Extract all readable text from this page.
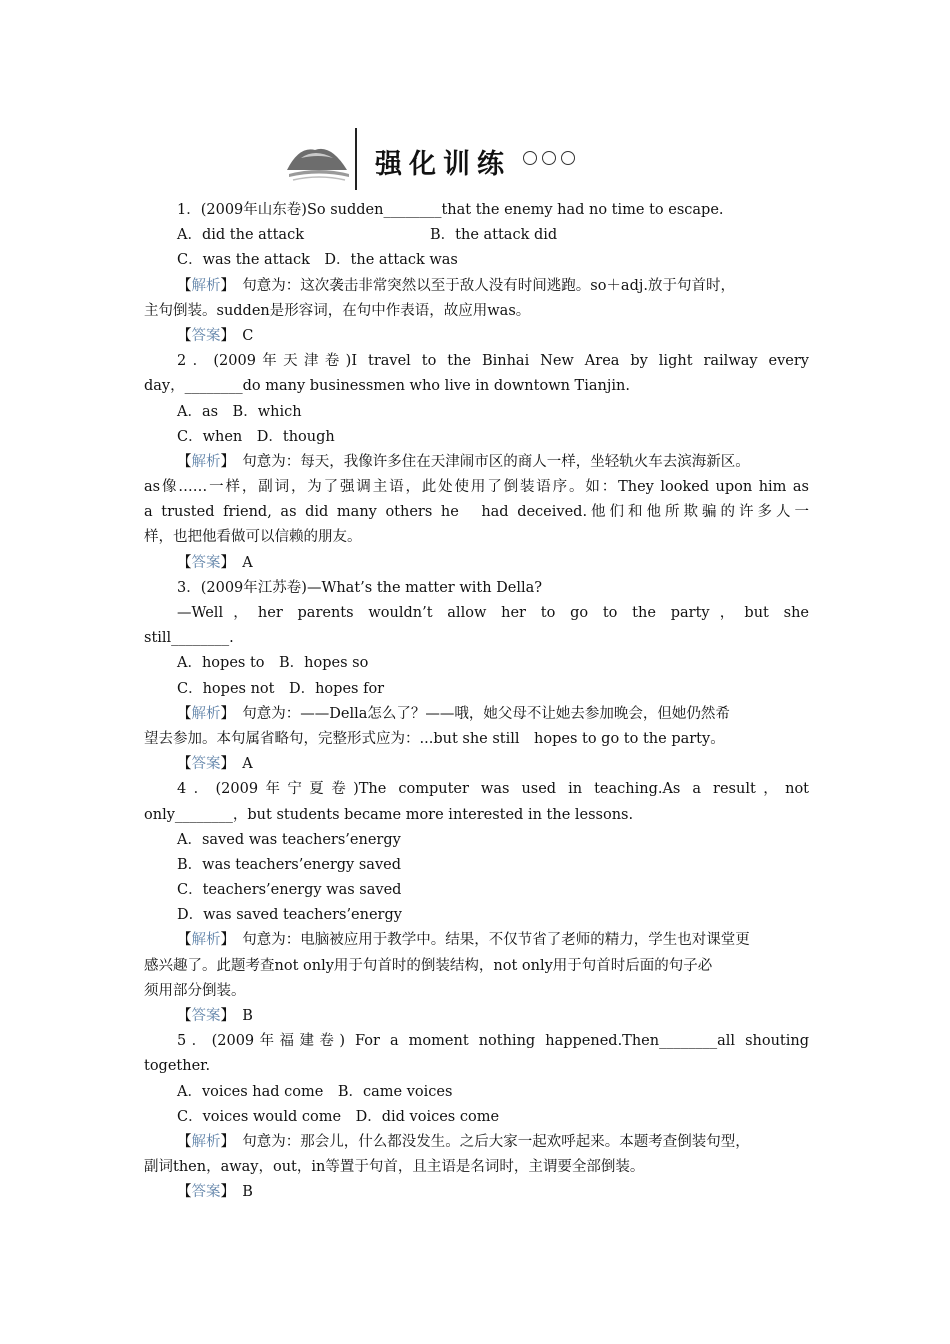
强化训练
1．(2009年山东卷)So sudden________that the enemy had no time to escape.
A．did the attack	B．the attack did
C．was the attack　 D．the attack was
【解析】　 句意为：这次袭击非常突然以至于敌人没有时间逃跑。so＋adj.放于句首时，
主句倒装。sudden是形容词，在句中作表语，故应用was。
【答案】　 C
2．(2009年天津卷)I travel to the Binhai New Area by light railway every
day，________do many businessmen who live in downtown Tianjin.
A．as　B．which
C．when　D．though
【解析】　 句意为：每天，我像许多住在天津闹市区的商人一样，坐轻轨火车去滨海新区。
as像……一样，副词，为了强调主语，此处使用了倒装语序。如：They looked upon him as
a trusted friend, as did many others he　had deceived.他们和他所欺骗的许多人一
样，也把他看做可以信赖的朋友。
【答案】　 A
3．(2009年江苏卷)—What’s the matter with Della?
—Well，her parents wouldn’t allow her to go to the party，but she
still________.
A．hopes to　B．hopes so
C．hopes not　D．hopes for
【解析】　 句意为：——Della怎么了？——哦，她父母不让她去参加晚会，但她仍然希
望去参加。本句属省略句，完整形式应为：...but she still　hopes to go to the party。
【答案】　 A
4．(2009年宁夏卷)The computer was used in teaching.As a result，not
only________，but students became more interested in the lessons.
A．saved was teachers’energy
B．was teachers’energy saved
C．teachers’energy was saved
D．was saved teachers’energy
【解析】　 句意为：电脑被应用于教学中。结果，不仅节省了老师的精力，学生也对课堂更
感兴趣了。此题考查not only用于句首时的倒装结构，not only用于句首时后面的句子必
须用部分倒装。
【答案】　 B
5．(2009年福建卷) For a moment nothing happened.Then________all shouting
together.
A．voices had come　B．came voices
C．voices would come　D．did voices come
【解析】　 句意为：那会儿，什么都没发生。之后大家一起欢呼起来。本题考查倒装句型，
副词then，away，out，in等置于句首，且主语是名词时，主谓要全部倒装。
【答案】　 B
